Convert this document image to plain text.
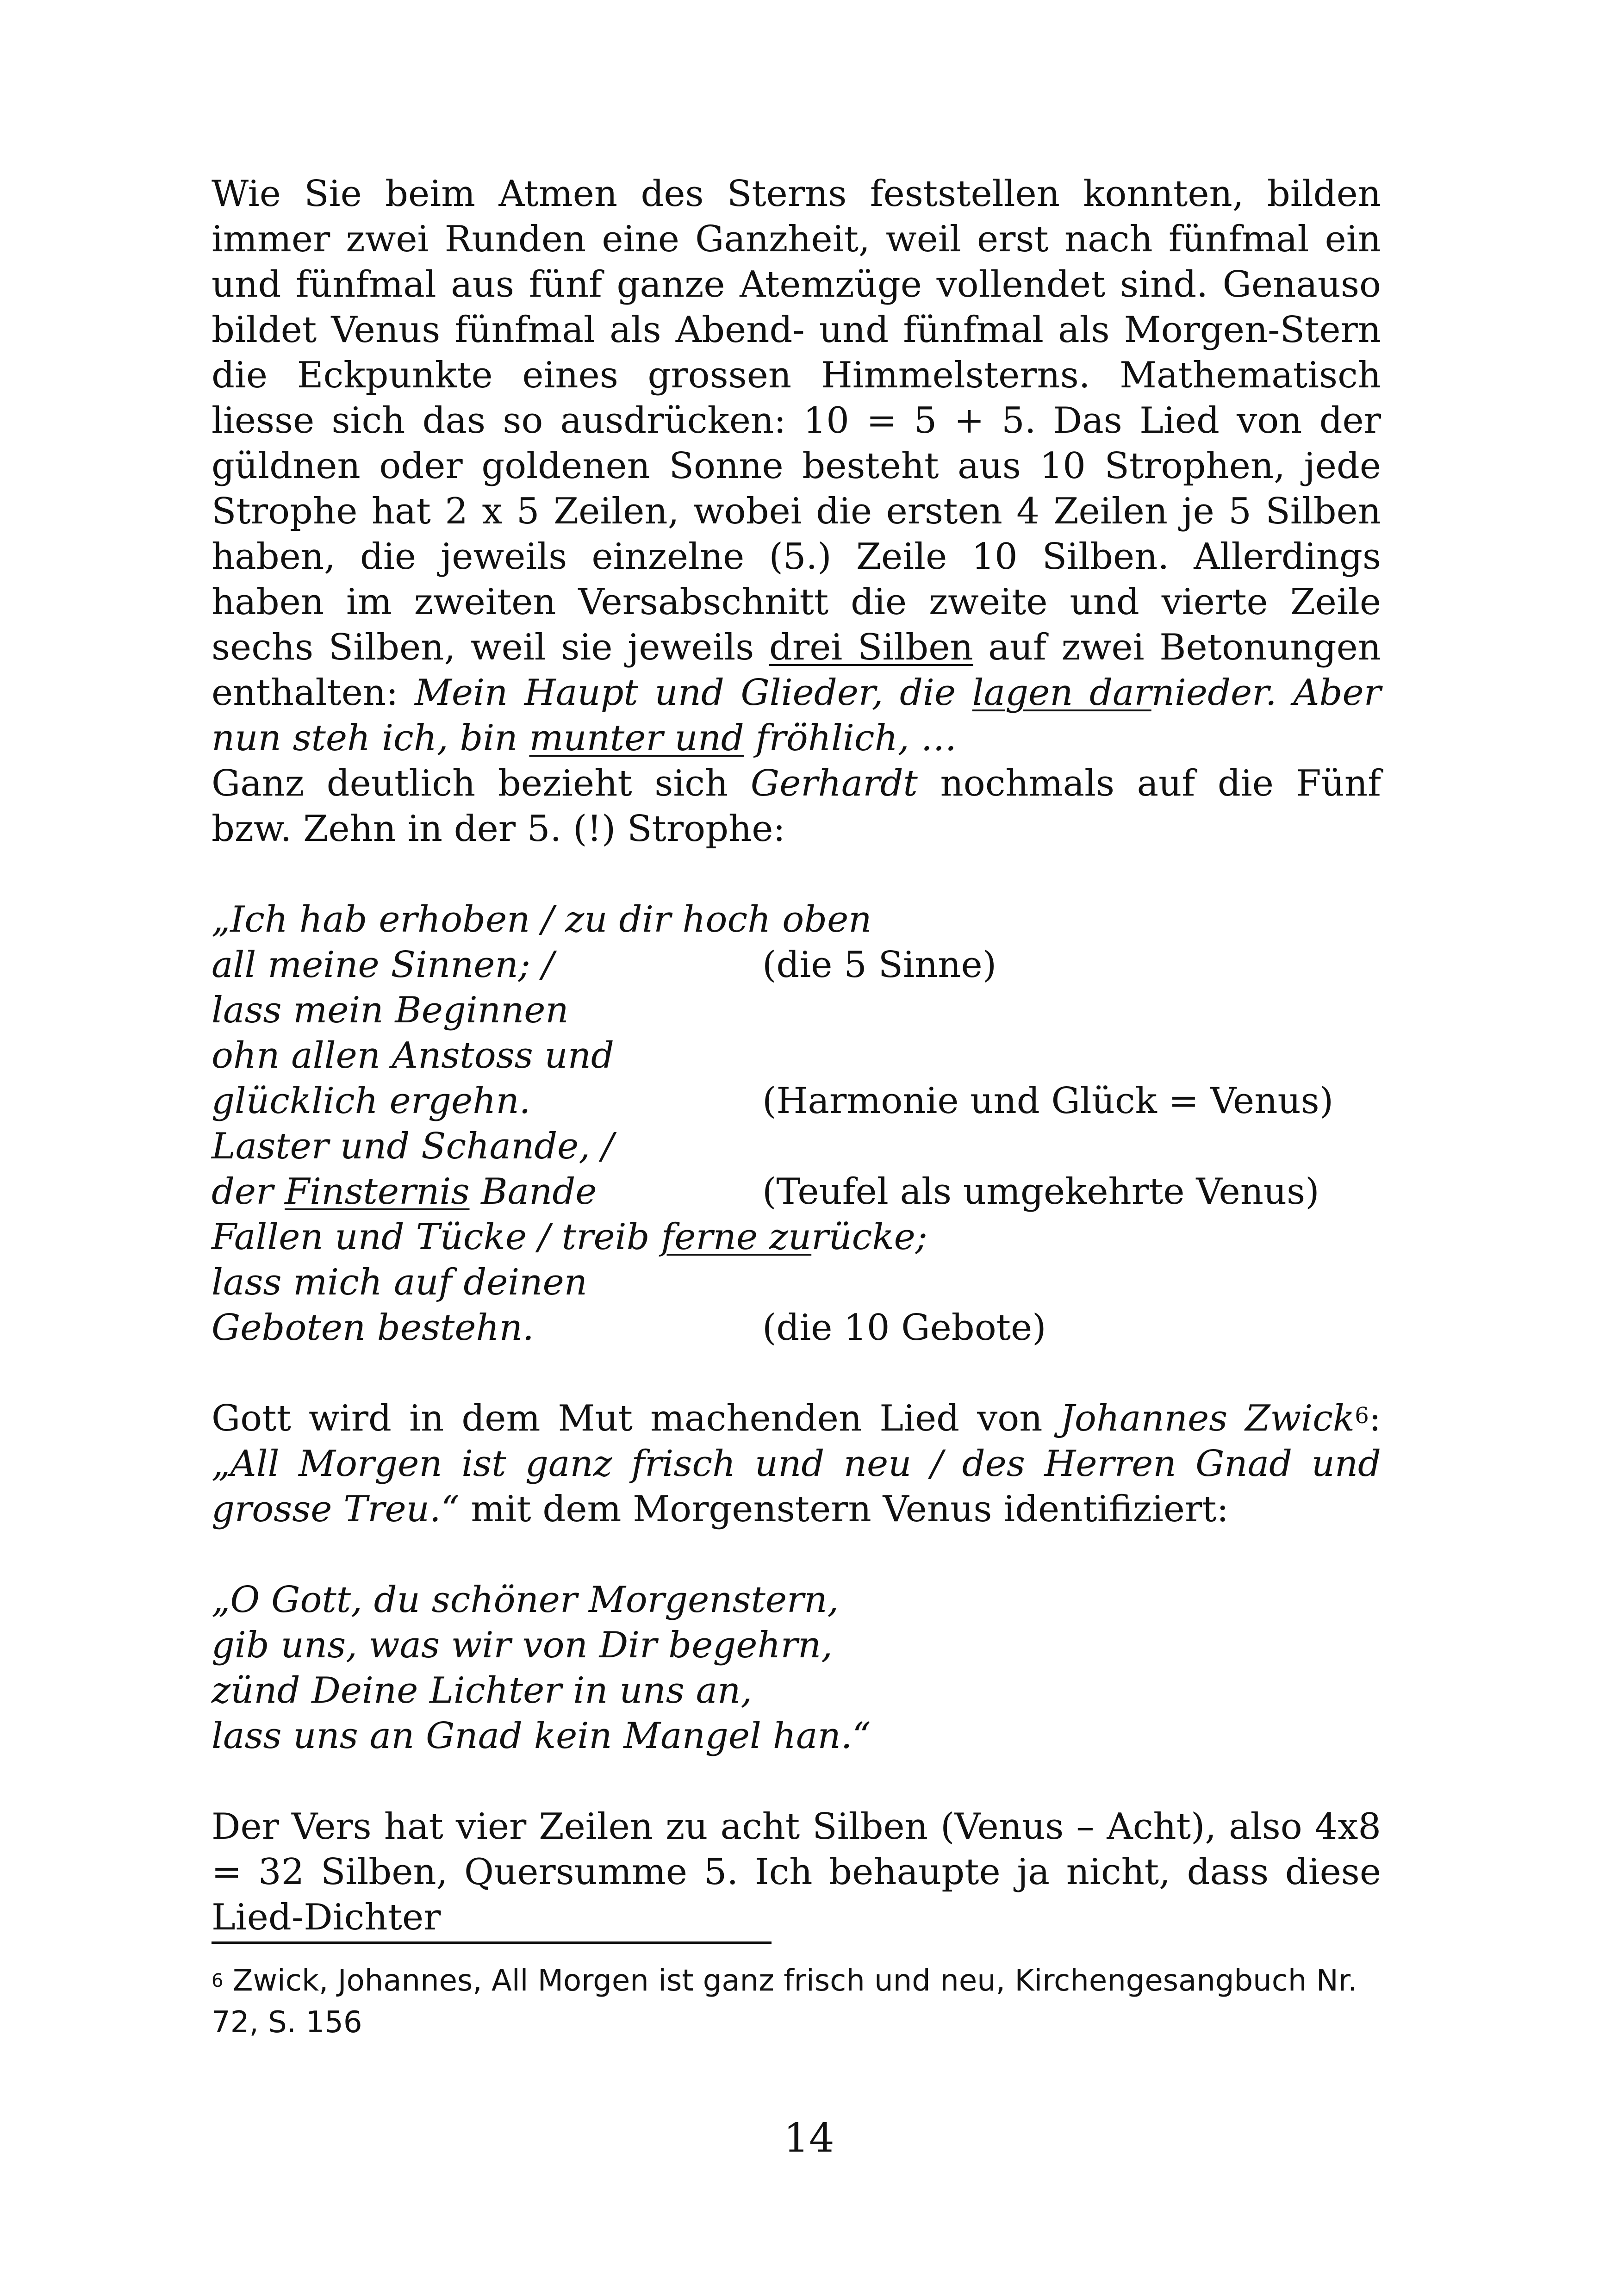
Wie Sie beim Atmen des Sterns feststellen konnten, bilden immer zwei Runden eine Ganzheit, weil erst nach fünfmal ein und fünfmal aus fünf ganze Atemzüge vollendet sind. Genauso bildet Venus fünfmal als Abend- und fünfmal als Morgen-Stern die Eckpunkte eines grossen Himmelsterns. Mathematisch liesse sich das so ausdrücken: 10 = 5 + 5. Das Lied von der güldnen oder goldenen Sonne besteht aus 10 Strophen, jede Strophe hat 2 x 5 Zeilen, wobei die ersten 4 Zeilen je 5 Silben haben, die jeweils einzelne (5.) Zeile 10 Silben. Allerdings haben im zweiten Versabschnitt die zweite und vierte Zeile sechs Silben, weil sie jeweils drei Silben auf zwei Betonungen enthalten: Mein Haupt und Glieder, die lagen darnieder. Aber nun steh ich, bin munter und fröhlich, …

Ganz deutlich bezieht sich Gerhardt nochmals auf die Fünf bzw. Zehn in der 5. (!) Strophe:

„Ich hab erhoben / zu dir hoch oben
all meine Sinnen; /	(die 5 Sinne)
lass mein Beginnen
ohn allen Anstoss und
glücklich ergehn.	(Harmonie und Glück = Venus)
Laster und Schande, /
der Finsternis Bande	(Teufel als umgekehrte Venus)
Fallen und Tücke / treib ferne zurücke;
lass mich auf deinen
Geboten bestehn.	(die 10 Gebote)

Gott wird in dem Mut machenden Lied von Johannes Zwick$^6$: „All Morgen ist ganz frisch und neu / des Herren Gnad und grosse Treu.“ mit dem Morgenstern Venus identifiziert:

„O Gott, du schöner Morgenstern,
gib uns, was wir von Dir begehrn,
zünd Deine Lichter in uns an,
lass uns an Gnad kein Mangel han.“

Der Vers hat vier Zeilen zu acht Silben (Venus – Acht), also 4x8 = 32 Silben, Quersumme 5. Ich behaupte ja nicht, dass diese Lied-Dichter

$^6$ Zwick, Johannes, All Morgen ist ganz frisch und neu, Kirchengesangbuch Nr. 72, S. 156
14
